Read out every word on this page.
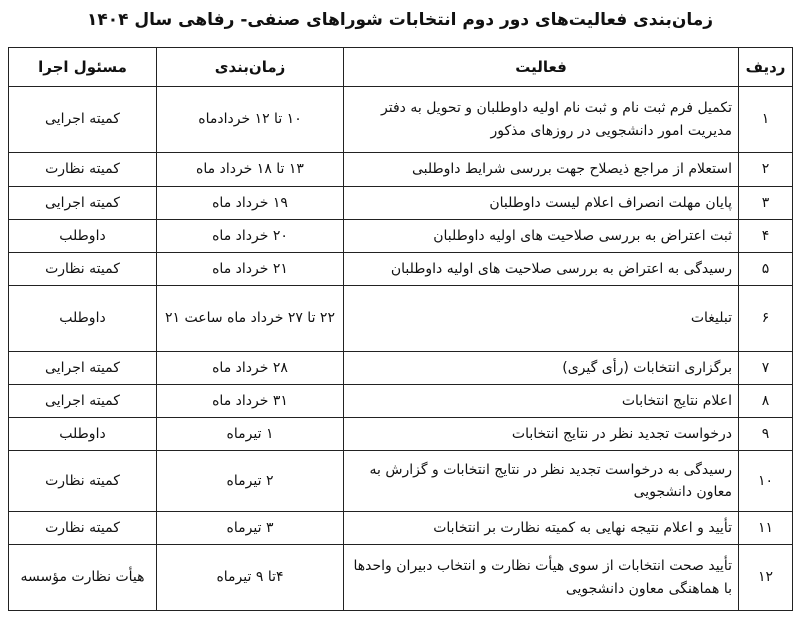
زمان‌بندی فعالیت‌های دور دوم انتخابات شوراهای صنفی- رفاهی سال ۱۴۰۴
ردیف	فعالیت	زمان‌بندی	مسئول اجرا
۱	تکمیل فرم ثبت نام و ثبت نام اولیه داوطلبان و تحویل به دفتر مدیریت امور دانشجویی در روزهای مذکور	۱۰ تا ۱۲ خردادماه	کمیته اجرایی
۲	استعلام از مراجع ذیصلاح جهت بررسی شرایط داوطلبی	۱۳ تا ۱۸ خرداد ماه	کمیته نظارت
۳	پایان مهلت انصراف اعلام لیست داوطلبان	۱۹ خرداد ماه	کمیته اجرایی
۴	ثبت اعتراض به بررسی صلاحیت های اولیه داوطلبان	۲۰ خرداد ماه	داوطلب
۵	رسیدگی به اعتراض به بررسی صلاحیت های اولیه داوطلبان	۲۱ خرداد ماه	کمیته نظارت
۶	تبلیغات	۲۲ تا ۲۷ خرداد ماه ساعت ۲۱	داوطلب
۷	برگزاری انتخابات (رأی گیری)	۲۸ خرداد ماه	کمیته اجرایی
۸	اعلام نتایج انتخابات	۳۱ خرداد ماه	کمیته اجرایی
۹	درخواست تجدید نظر در نتایج انتخابات	۱ تیرماه	داوطلب
۱۰	رسیدگی به درخواست تجدید نظر در نتایج انتخابات و گزارش به معاون دانشجویی	۲ تیرماه	کمیته نظارت
۱۱	تأیید و اعلام نتیجه نهایی به کمیته نظارت بر انتخابات	۳ تیرماه	کمیته نظارت
۱۲	تأیید صحت انتخابات از سوی هیأت نظارت و انتخاب دبیران واحدها با هماهنگی معاون دانشجویی	۴تا ۹ تیرماه	هیأت نظارت مؤسسه
